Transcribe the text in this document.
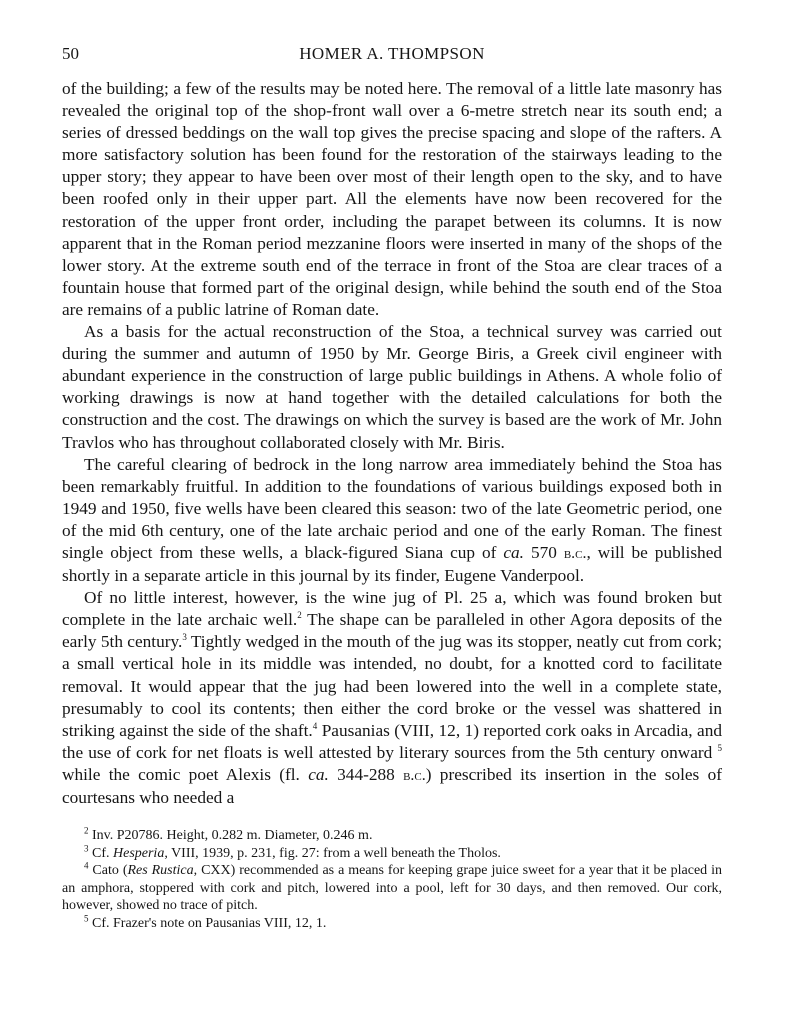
50	HOMER A. THOMPSON

of the building; a few of the results may be noted here. The removal of a little late masonry has revealed the original top of the shop-front wall over a 6-metre stretch near its south end; a series of dressed beddings on the wall top gives the precise spacing and slope of the rafters. A more satisfactory solution has been found for the restoration of the stairways leading to the upper story; they appear to have been over most of their length open to the sky, and to have been roofed only in their upper part. All the elements have now been recovered for the restoration of the upper front order, including the parapet between its columns. It is now apparent that in the Roman period mezzanine floors were inserted in many of the shops of the lower story. At the extreme south end of the terrace in front of the Stoa are clear traces of a fountain house that formed part of the original design, while behind the south end of the Stoa are remains of a public latrine of Roman date.

As a basis for the actual reconstruction of the Stoa, a technical survey was carried out during the summer and autumn of 1950 by Mr. George Biris, a Greek civil engineer with abundant experience in the construction of large public buildings in Athens. A whole folio of working drawings is now at hand together with the detailed calculations for both the construction and the cost. The drawings on which the survey is based are the work of Mr. John Travlos who has throughout collaborated closely with Mr. Biris.

The careful clearing of bedrock in the long narrow area immediately behind the Stoa has been remarkably fruitful. In addition to the foundations of various buildings exposed both in 1949 and 1950, five wells have been cleared this season: two of the late Geometric period, one of the mid 6th century, one of the late archaic period and one of the early Roman. The finest single object from these wells, a black-figured Siana cup of ca. 570 b.c., will be published shortly in a separate article in this journal by its finder, Eugene Vanderpool.

Of no little interest, however, is the wine jug of Pl. 25 a, which was found broken but complete in the late archaic well.$^2$ The shape can be paralleled in other Agora deposits of the early 5th century.$^3$ Tightly wedged in the mouth of the jug was its stopper, neatly cut from cork; a small vertical hole in its middle was intended, no doubt, for a knotted cord to facilitate removal. It would appear that the jug had been lowered into the well in a complete state, presumably to cool its contents; then either the cord broke or the vessel was shattered in striking against the side of the shaft.$^4$ Pausanias (VIII, 12, 1) reported cork oaks in Arcadia, and the use of cork for net floats is well attested by literary sources from the 5th century onward $^5$ while the comic poet Alexis (fl. ca. 344-288 b.c.) prescribed its insertion in the soles of courtesans who needed a

$^2$ Inv. P20786. Height, 0.282 m. Diameter, 0.246 m.

$^3$ Cf. Hesperia, VIII, 1939, p. 231, fig. 27: from a well beneath the Tholos.

$^4$ Cato (Res Rustica, CXX) recommended as a means for keeping grape juice sweet for a year that it be placed in an amphora, stoppered with cork and pitch, lowered into a pool, left for 30 days, and then removed. Our cork, however, showed no trace of pitch.

$^5$ Cf. Frazer's note on Pausanias VIII, 12, 1.
